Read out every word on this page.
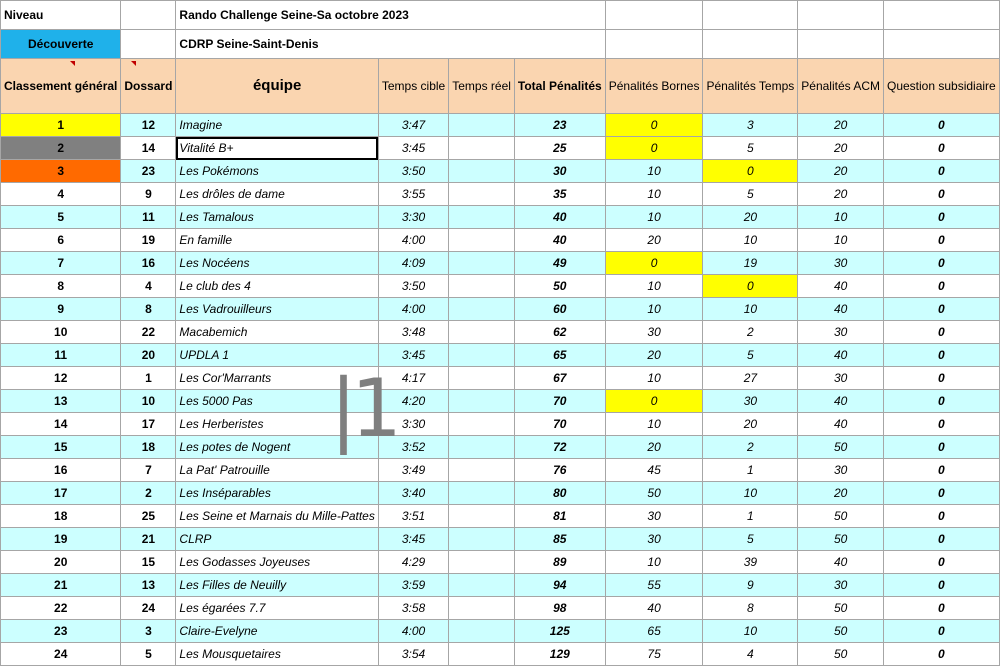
Niveau		Rando Challenge Seine-Sa octobre 2023							
Découverte		CDRP Seine-Saint-Denis							
Classement général	Dossard	équipe	Temps cible	Temps réel	Total Pénalités	Pénalités Bornes	Pénalités Temps	Pénalités ACM	Question subsidiaire
1	12	Imagine	3:47		23	0	3	20	0
2	14	Vitalité B+	3:45		25	0	5	20	0
3	23	Les Pokémons	3:50		30	10	0	20	0
4	9	Les drôles de dame	3:55		35	10	5	20	0
5	11	Les Tamalous	3:30		40	10	20	10	0
6	19	En famille	4:00		40	20	10	10	0
7	16	Les Nocéens	4:09		49	0	19	30	0
8	4	Le club des 4	3:50		50	10	0	40	0
9	8	Les Vadrouilleurs	4:00		60	10	10	40	0
10	22	Macabemich	3:48		62	30	2	30	0
11	20	UPDLA 1	3:45		65	20	5	40	0
12	1	Les Cor'Marrants	4:17		67	10	27	30	0
13	10	Les 5000 Pas	4:20		70	0	30	40	0
14	17	Les Herberistes	3:30		70	10	20	40	0
15	18	Les potes de Nogent	3:52		72	20	2	50	0
16	7	La Pat' Patrouille	3:49		76	45	1	30	0
17	2	Les Inséparables	3:40		80	50	10	20	0
18	25	Les Seine et Marnais du Mille-Pattes	3:51		81	30	1	50	0
19	21	CLRP	3:45		85	30	5	50	0
20	15	Les Godasses Joyeuses	4:29		89	10	39	40	0
21	13	Les Filles de Neuilly	3:59		94	55	9	30	0
22	24	Les égarées 7.7	3:58		98	40	8	50	0
23	3	Claire-Evelyne	4:00		125	65	10	50	0
24	5	Les Mousquetaires	3:54		129	75	4	50	0
|1
